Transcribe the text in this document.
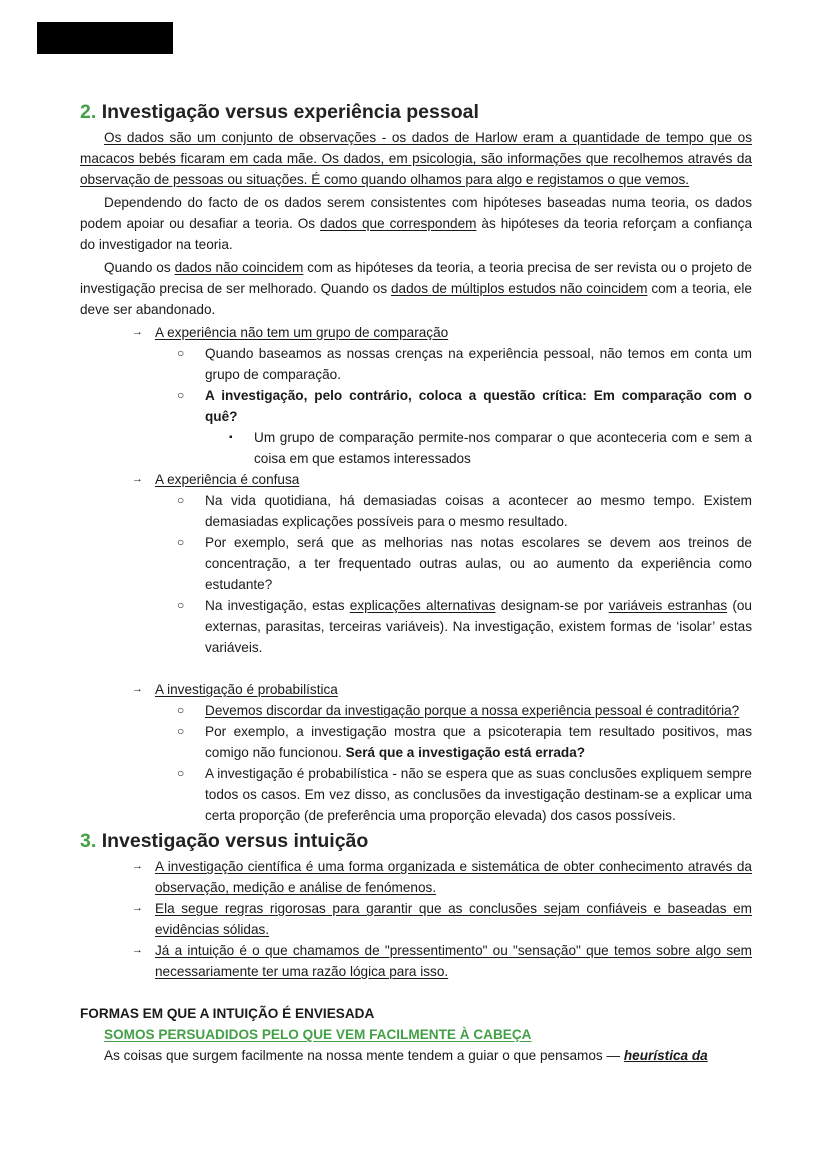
2. Investigação versus experiência pessoal

Os dados são um conjunto de observações - os dados de Harlow eram a quantidade de tempo que os macacos bebés ficaram em cada mãe. Os dados, em psicologia, são informações que recolhemos através da observação de pessoas ou situações. É como quando olhamos para algo e registamos o que vemos.

Dependendo do facto de os dados serem consistentes com hipóteses baseadas numa teoria, os dados podem apoiar ou desafiar a teoria. Os dados que correspondem às hipóteses da teoria reforçam a confiança do investigador na teoria.

Quando os dados não coincidem com as hipóteses da teoria, a teoria precisa de ser revista ou o projeto de investigação precisa de ser melhorado. Quando os dados de múltiplos estudos não coincidem com a teoria, ele deve ser abandonado.

→ A experiência não tem um grupo de comparação
○ Quando baseamos as nossas crenças na experiência pessoal, não temos em conta um grupo de comparação.
○ A investigação, pelo contrário, coloca a questão crítica: Em comparação com o quê?
▪ Um grupo de comparação permite-nos comparar o que aconteceria com e sem a coisa em que estamos interessados
→ A experiência é confusa
○ Na vida quotidiana, há demasiadas coisas a acontecer ao mesmo tempo. Existem demasiadas explicações possíveis para o mesmo resultado.
○ Por exemplo, será que as melhorias nas notas escolares se devem aos treinos de concentração, a ter frequentado outras aulas, ou ao aumento da experiência como estudante?
○ Na investigação, estas explicações alternativas designam-se por variáveis estranhas (ou externas, parasitas, terceiras variáveis). Na investigação, existem formas de ‘isolar’ estas variáveis.
→ A investigação é probabilística
○ Devemos discordar da investigação porque a nossa experiência pessoal é contraditória?
○ Por exemplo, a investigação mostra que a psicoterapia tem resultado positivos, mas comigo não funcionou. Será que a investigação está errada?
○ A investigação é probabilística - não se espera que as suas conclusões expliquem sempre todos os casos. Em vez disso, as conclusões da investigação destinam-se a explicar uma certa proporção (de preferência uma proporção elevada) dos casos possíveis.
3. Investigação versus intuição
→ A investigação científica é uma forma organizada e sistemática de obter conhecimento através da observação, medição e análise de fenómenos.
→ Ela segue regras rigorosas para garantir que as conclusões sejam confiáveis e baseadas em evidências sólidas.
→ Já a intuição é o que chamamos de "pressentimento" ou "sensação" que temos sobre algo sem necessariamente ter uma razão lógica para isso.
FORMAS EM QUE A INTUIÇÃO É ENVIESADA
SOMOS PERSUADIDOS PELO QUE VEM FACILMENTE À CABEÇA
As coisas que surgem facilmente na nossa mente tendem a guiar o que pensamos — heurística da
